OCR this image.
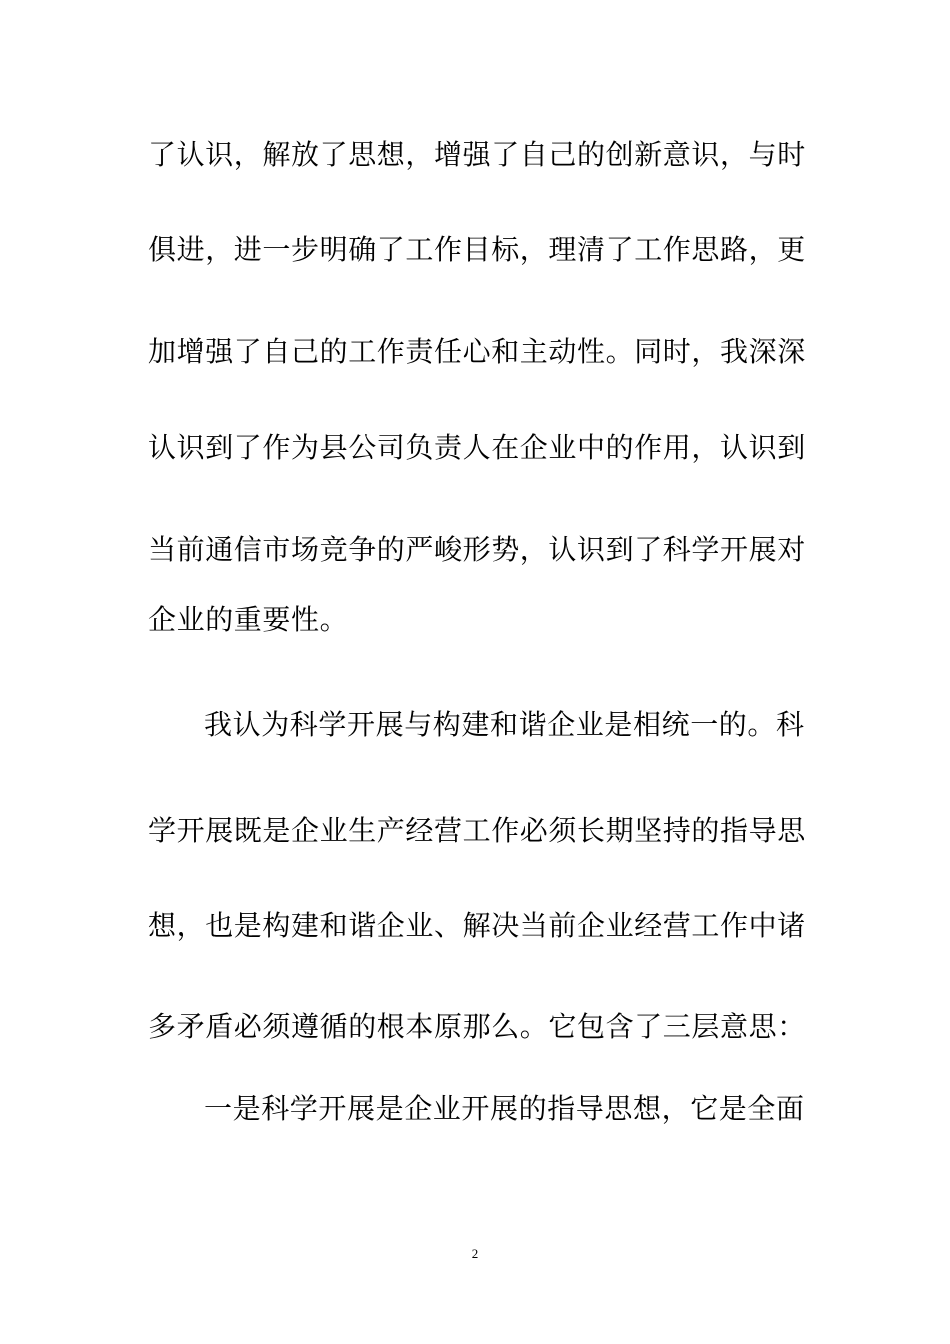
了认识，解放了思想，增强了自己的创新意识，与时
俱进，进一步明确了工作目标，理清了工作思路，更
加增强了自己的工作责任心和主动性。同时，我深深
认识到了作为县公司负责人在企业中的作用，认识到
当前通信市场竞争的严峻形势，认识到了科学开展对
企业的重要性。
我认为科学开展与构建和谐企业是相统一的。科
学开展既是企业生产经营工作必须长期坚持的指导思
想，也是构建和谐企业、解决当前企业经营工作中诸
多矛盾必须遵循的根本原那么。它包含了三层意思：
一是科学开展是企业开展的指导思想，它是全面
2
